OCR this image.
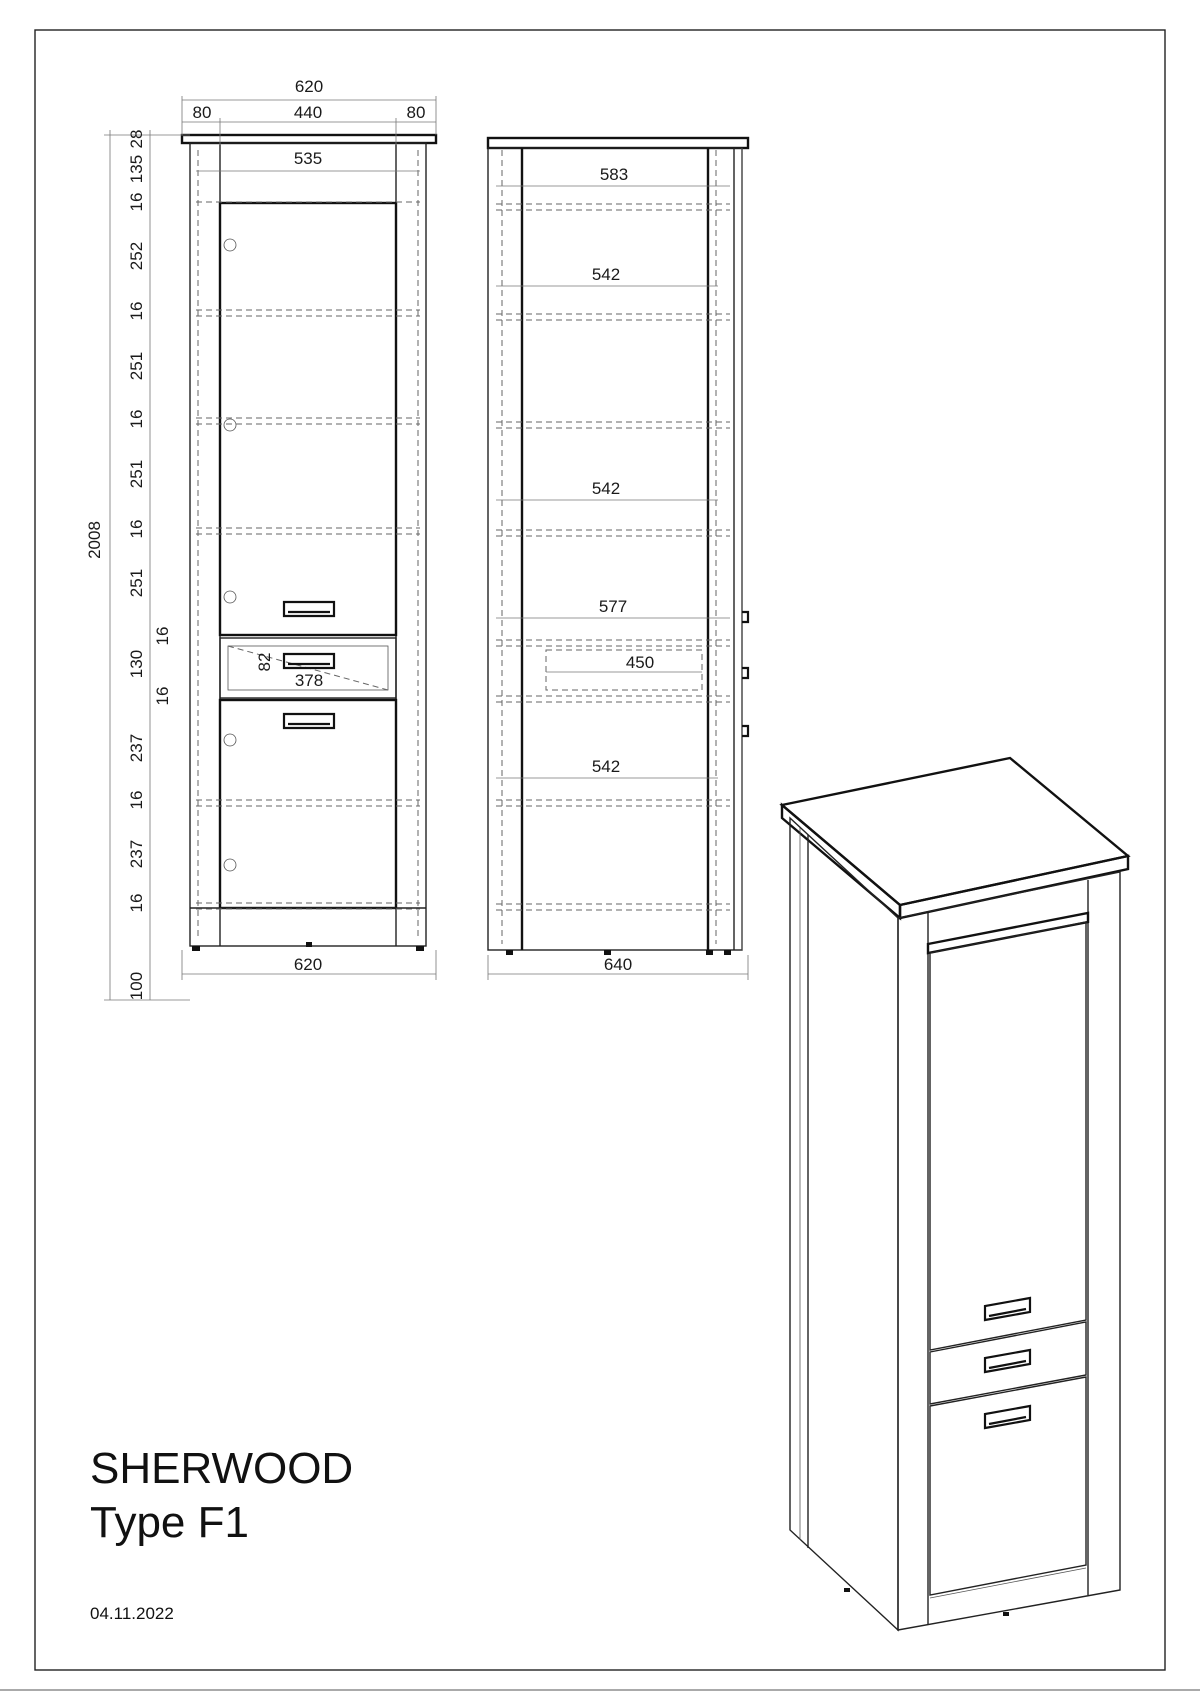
620
80	440	80
535
620
378
82
2008
28
135
16
252
16
251
16
251
16
251
16
130
16
237
16
237
16
100
583
542
542
577
450
542
640
SHERWOOD
Type F1
04.11.2022
